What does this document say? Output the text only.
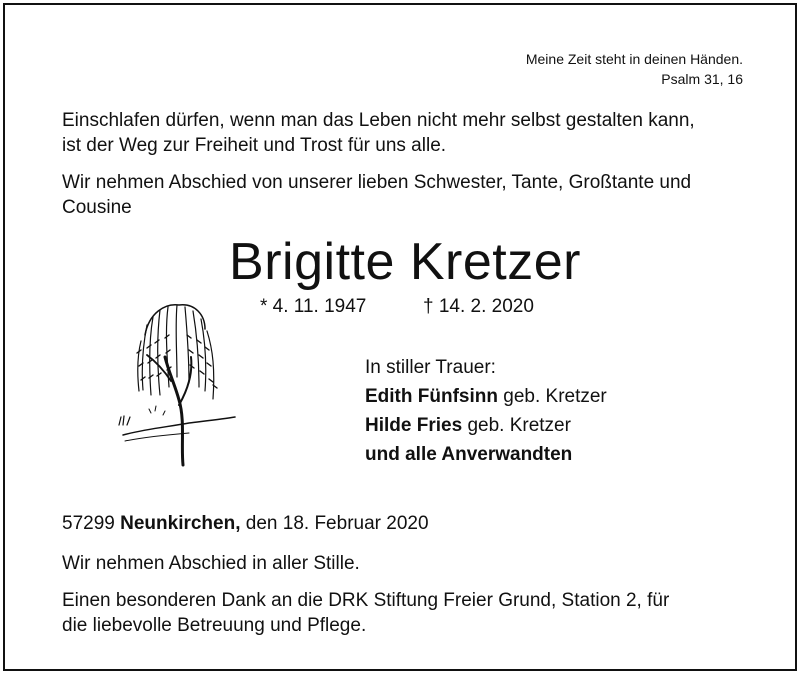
Meine Zeit steht in deinen Händen.
Psalm 31, 16
Einschlafen dürfen, wenn man das Leben nicht mehr selbst gestalten kann,
ist der Weg zur Freiheit und Trost für uns alle.
Wir nehmen Abschied von unserer lieben Schwester, Tante, Großtante und
Cousine
Brigitte Kretzer
* 4. 11. 1947	† 14. 2. 2020
In stiller Trauer:
Edith Fünfsinn geb. Kretzer
Hilde Fries geb. Kretzer
und alle Anverwandten
57299 Neunkirchen, den 18. Februar 2020
Wir nehmen Abschied in aller Stille.
Einen besonderen Dank an die DRK Stiftung Freier Grund, Station 2, für
die liebevolle Betreuung und Pflege.
